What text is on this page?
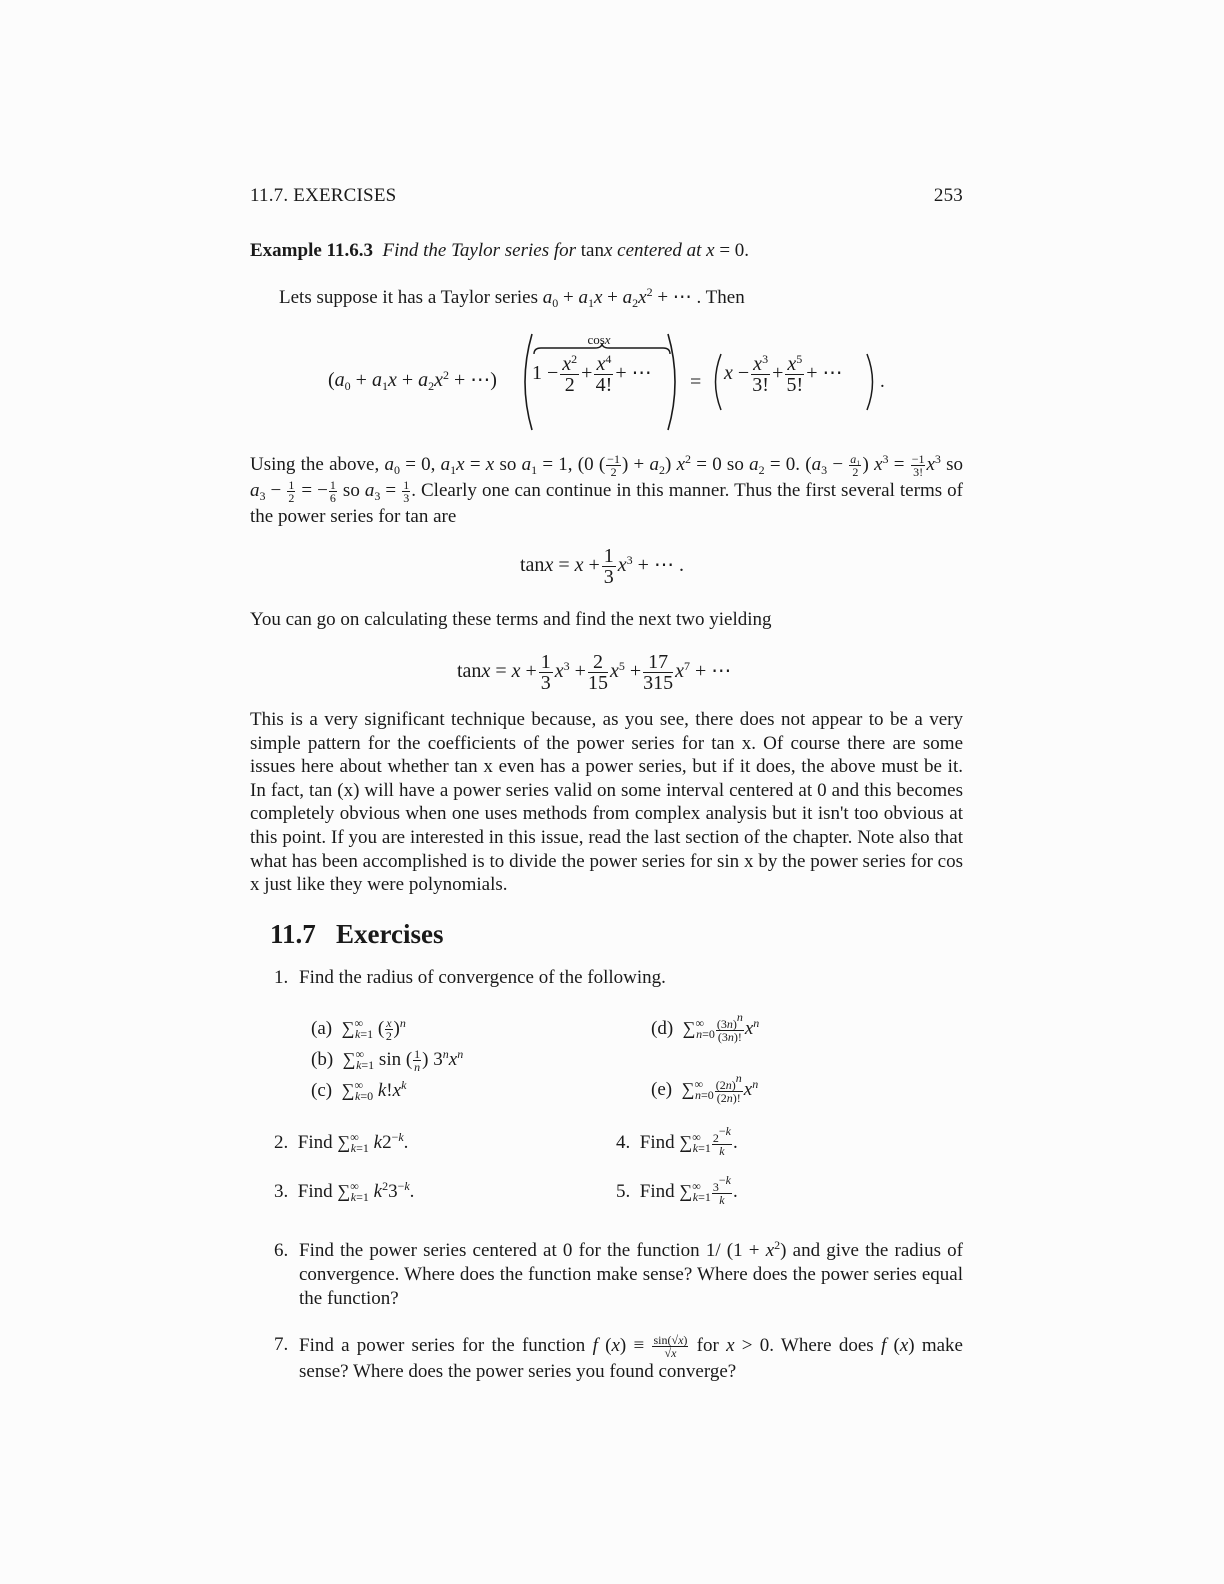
11.7. EXERCISES	253
Example 11.6.3 Find the Taylor series for tanx centered at x = 0.
Lets suppose it has a Taylor series $a_0 + a_1x + a_2x^2$ + ⋯ . Then
($a_0 + a_1x + a_2x^2$ + ⋯)
cosx
$1 - \frac{x^2}{2} + \frac{x^4}{4!}$ + ⋯ = $x - \frac{x^3}{3!} + \frac{x^5}{5!}$ + ⋯ .
Using the above, $a_0 = 0$, $a_1x = x$ so $a_1 = 1$, (0 ( $\frac{-1}{2}$ ) + $a_2$) $x^2 = 0$ so $a_2 = 0$. ($a_3 - \frac{\text{a₁}}{2}$ ) $x^3 = \frac{-1}{3!} x^3$ so $a_3 - \frac{1}{2}$ = − $\frac{1}{6}$ so $a_3 = \frac{1}{3}$ . Clearly one can continue in this manner. Thus the first several terms of the power series for tan are
$\tan x = x + \frac{1}{3} x^3$ + ⋯ .
You can go on calculating these terms and find the next two yielding
$\tan x = x + \frac{1}{3} x^3 + \frac{2}{15} x^5 + \frac{17}{315} x^7$ + ⋯
This is a very significant technique because, as you see, there does not appear to be a very simple pattern for the coefficients of the power series for tan x. Of course there are some issues here about whether tan x even has a power series, but if it does, the above must be it. In fact, tan (x) will have a power series valid on some interval centered at 0 and this becomes completely obvious when one uses methods from complex analysis but it isn't too obvious at this point. If you are interested in this issue, read the last section of the chapter. Note also that what has been accomplished is to divide the power series for sin x by the power series for cos x just like they were polynomials.
11.7 Exercises
1. Find the radius of convergence of the following.
(a)  $\sum^\infty_{k=1}$ ( $\frac{x}{2} )^n$
(b)  $\sum^\infty_{k=1}$ sin ( $\frac{1}{n}$ ) $3^nx^n$
(c)  $\sum^\infty_{k=0}$ $k!x^k$
(d)  $\sum^\infty_{n=0} \frac{(3n)^n}{(3n)!} x^n$
(e)  $\sum^\infty_{n=0} \frac{(2n)^n}{(2n)!} x^n$
2.  Find $\sum^\infty_{k=1}$ $k2^{-k}$.
3.  Find $\sum^\infty_{k=1}$ $k^23^{-k}$.
4.  Find $\sum^\infty_{k=1} \frac{2^{-k}}{k}$ .
5.  Find $\sum^\infty_{k=1} \frac{3^{-k}}{k}$ .
6. Find the power series centered at 0 for the function 1/ $(1 + x^2)$ and give the radius of convergence. Where does the function make sense? Where does the power series equal the function?
7. Find a power series for the function f $(x) \equiv \frac{\sin(√x)}{√x}$ for x > 0. Where does f (x) make sense? Where does the power series you found converge?
